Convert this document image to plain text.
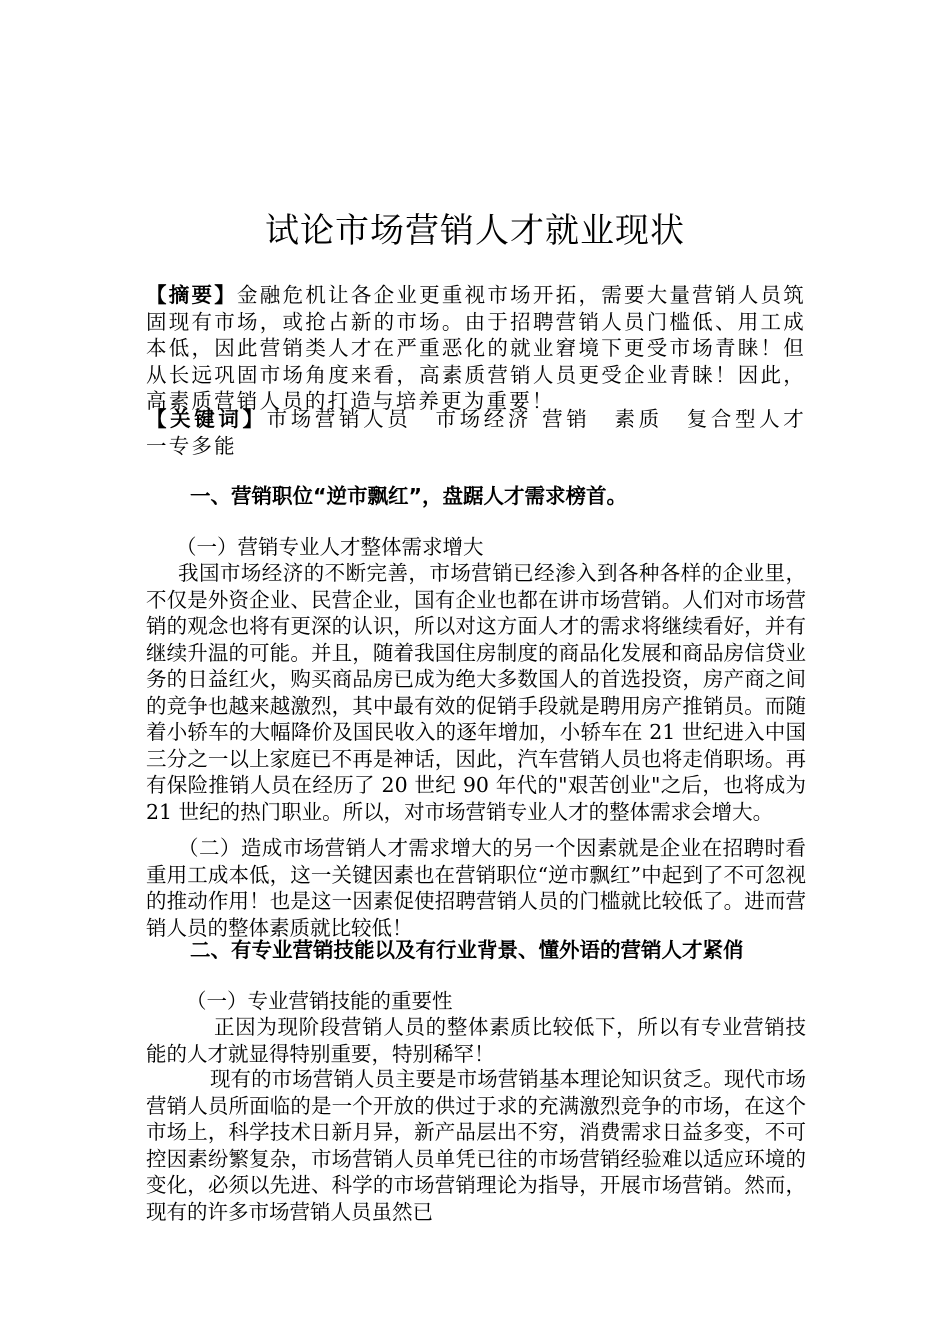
试论市场营销人才就业现状

【摘要】金融危机让各企业更重视市场开拓，需要大量营销人员筑固现有市场，或抢占新的市场。由于招聘营销人员门槛低、用工成本低，因此营销类人才在严重恶化的就业窘境下更受市场青睐！但从长远巩固市场角度来看，高素质营销人员更受企业青睐！因此，高素质营销人员的打造与培养更为重要！

【关键词】市场营销人员　市场经济 营销　素质　复合型人才　一专多能

一、营销职位“逆市飘红”，盘踞人才需求榜首。

（一）营销专业人才整体需求增大

我国市场经济的不断完善，市场营销已经渗入到各种各样的企业里，不仅是外资企业、民营企业，国有企业也都在讲市场营销。人们对市场营销的观念也将有更深的认识，所以对这方面人才的需求将继续看好，并有继续升温的可能。并且，随着我国住房制度的商品化发展和商品房信贷业务的日益红火，购买商品房已成为绝大多数国人的首选投资，房产商之间的竞争也越来越激烈，其中最有效的促销手段就是聘用房产推销员。而随着小轿车的大幅降价及国民收入的逐年增加，小轿车在 21 世纪进入中国三分之一以上家庭已不再是神话，因此，汽车营销人员也将走俏职场。再有保险推销人员在经历了 20 世纪 90 年代的"艰苦创业"之后，也将成为 21 世纪的热门职业。所以，对市场营销专业人才的整体需求会增大。

（二）造成市场营销人才需求增大的另一个因素就是企业在招聘时看重用工成本低，这一关键因素也在营销职位“逆市飘红”中起到了不可忽视的推动作用！也是这一因素促使招聘营销人员的门槛就比较低了。进而营销人员的整体素质就比较低！

二、有专业营销技能以及有行业背景、懂外语的营销人才紧俏

（一）专业营销技能的重要性

正因为现阶段营销人员的整体素质比较低下，所以有专业营销技能的人才就显得特别重要，特别稀罕！

现有的市场营销人员主要是市场营销基本理论知识贫乏。现代市场营销人员所面临的是一个开放的供过于求的充满激烈竞争的市场，在这个市场上，科学技术日新月异，新产品层出不穷，消费需求日益多变，不可控因素纷繁复杂，市场营销人员单凭已往的市场营销经验难以适应环境的变化，必须以先进、科学的市场营销理论为指导，开展市场营销。然而，现有的许多市场营销人员虽然已
